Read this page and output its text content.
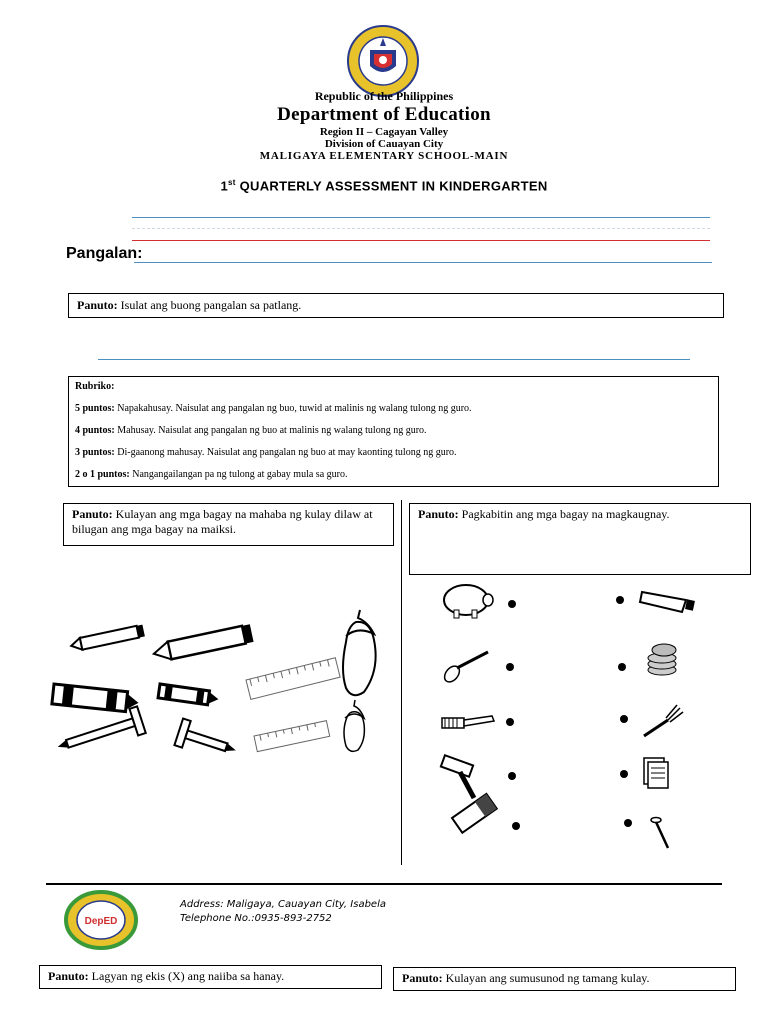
Republic of the Philippines
Department of Education
Region II – Cagayan Valley
Division of Cauayan City
MALIGAYA ELEMENTARY SCHOOL-MAIN
1st QUARTERLY ASSESSMENT IN KINDERGARTEN
Pangalan:
Panuto: Isulat ang buong pangalan sa patlang.
Rubriko:
5 puntos: Napakahusay. Naisulat ang pangalan ng buo, tuwid at malinis ng walang tulong ng guro.
4 puntos: Mahusay. Naisulat ang pangalan ng buo at malinis ng walang tulong ng guro.
3 puntos: Di-gaanong mahusay. Naisulat ang pangalan ng buo at may kaonting tulong ng guro.
2 o 1 puntos: Nangangailangan pa ng tulong at gabay mula sa guro.
Panuto: Kulayan ang mga bagay na mahaba ng kulay dilaw at bilugan ang mga bagay na maiksi.
Panuto: Pagkabitin ang mga bagay na magkaugnay.
DepED
Address: Maligaya, Cauayan City, Isabela
Telephone No.:0935-893-2752
Panuto: Lagyan ng ekis (X) ang naiiba sa hanay.	Panuto: Kulayan ang sumusunod ng tamang kulay.
